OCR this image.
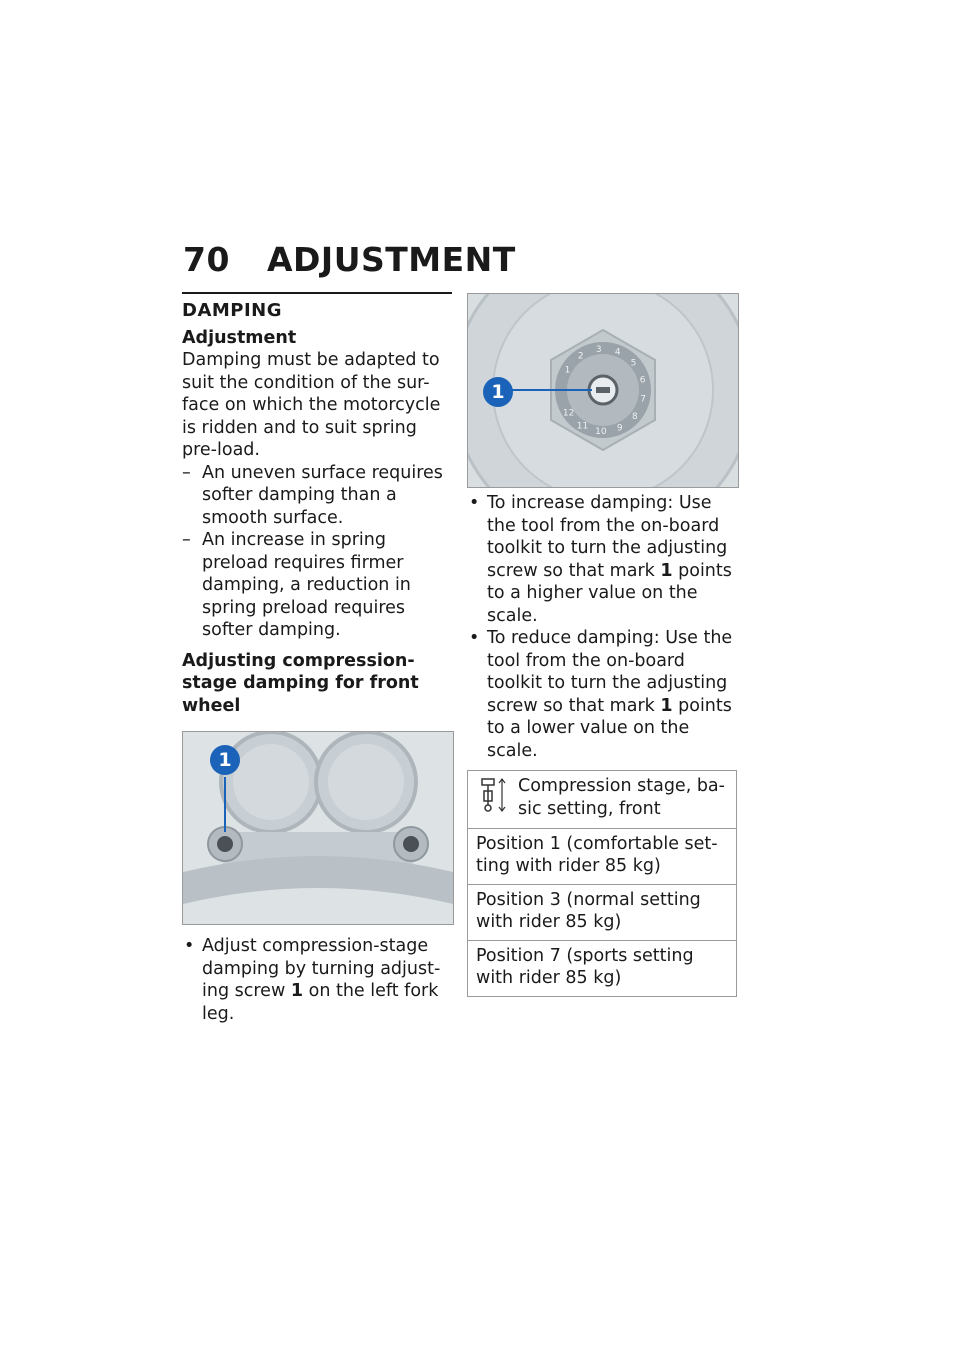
70 ADJUSTMENT
DAMPING
Adjustment

Damping must be adapted to suit the condition of the sur-face on which the motorcycle is ridden and to suit spring pre-load.

– An uneven surface requires softer damping than a smooth surface.
– An increase in spring preload requires firmer damping, a reduction in spring preload requires softer damping.
Adjusting compression-stage damping for front wheel
1
• Adjust compression-stage damping by turning adjust-ing screw 1 on the left fork leg.
1
2
3 4
5
6
7
8
9
10
11
12
1
• To increase damping: Use the tool from the on-board toolkit to turn the adjusting screw so that mark 1 points to a higher value on the scale.
• To reduce damping: Use the tool from the on-board toolkit to turn the adjusting screw so that mark 1 points to a lower value on the scale.
Compression stage, ba-sic setting, front

Position 1 (comfortable set-ting with rider 85 kg)
Position 3 (normal setting with rider 85 kg)
Position 7 (sports setting with rider 85 kg)
